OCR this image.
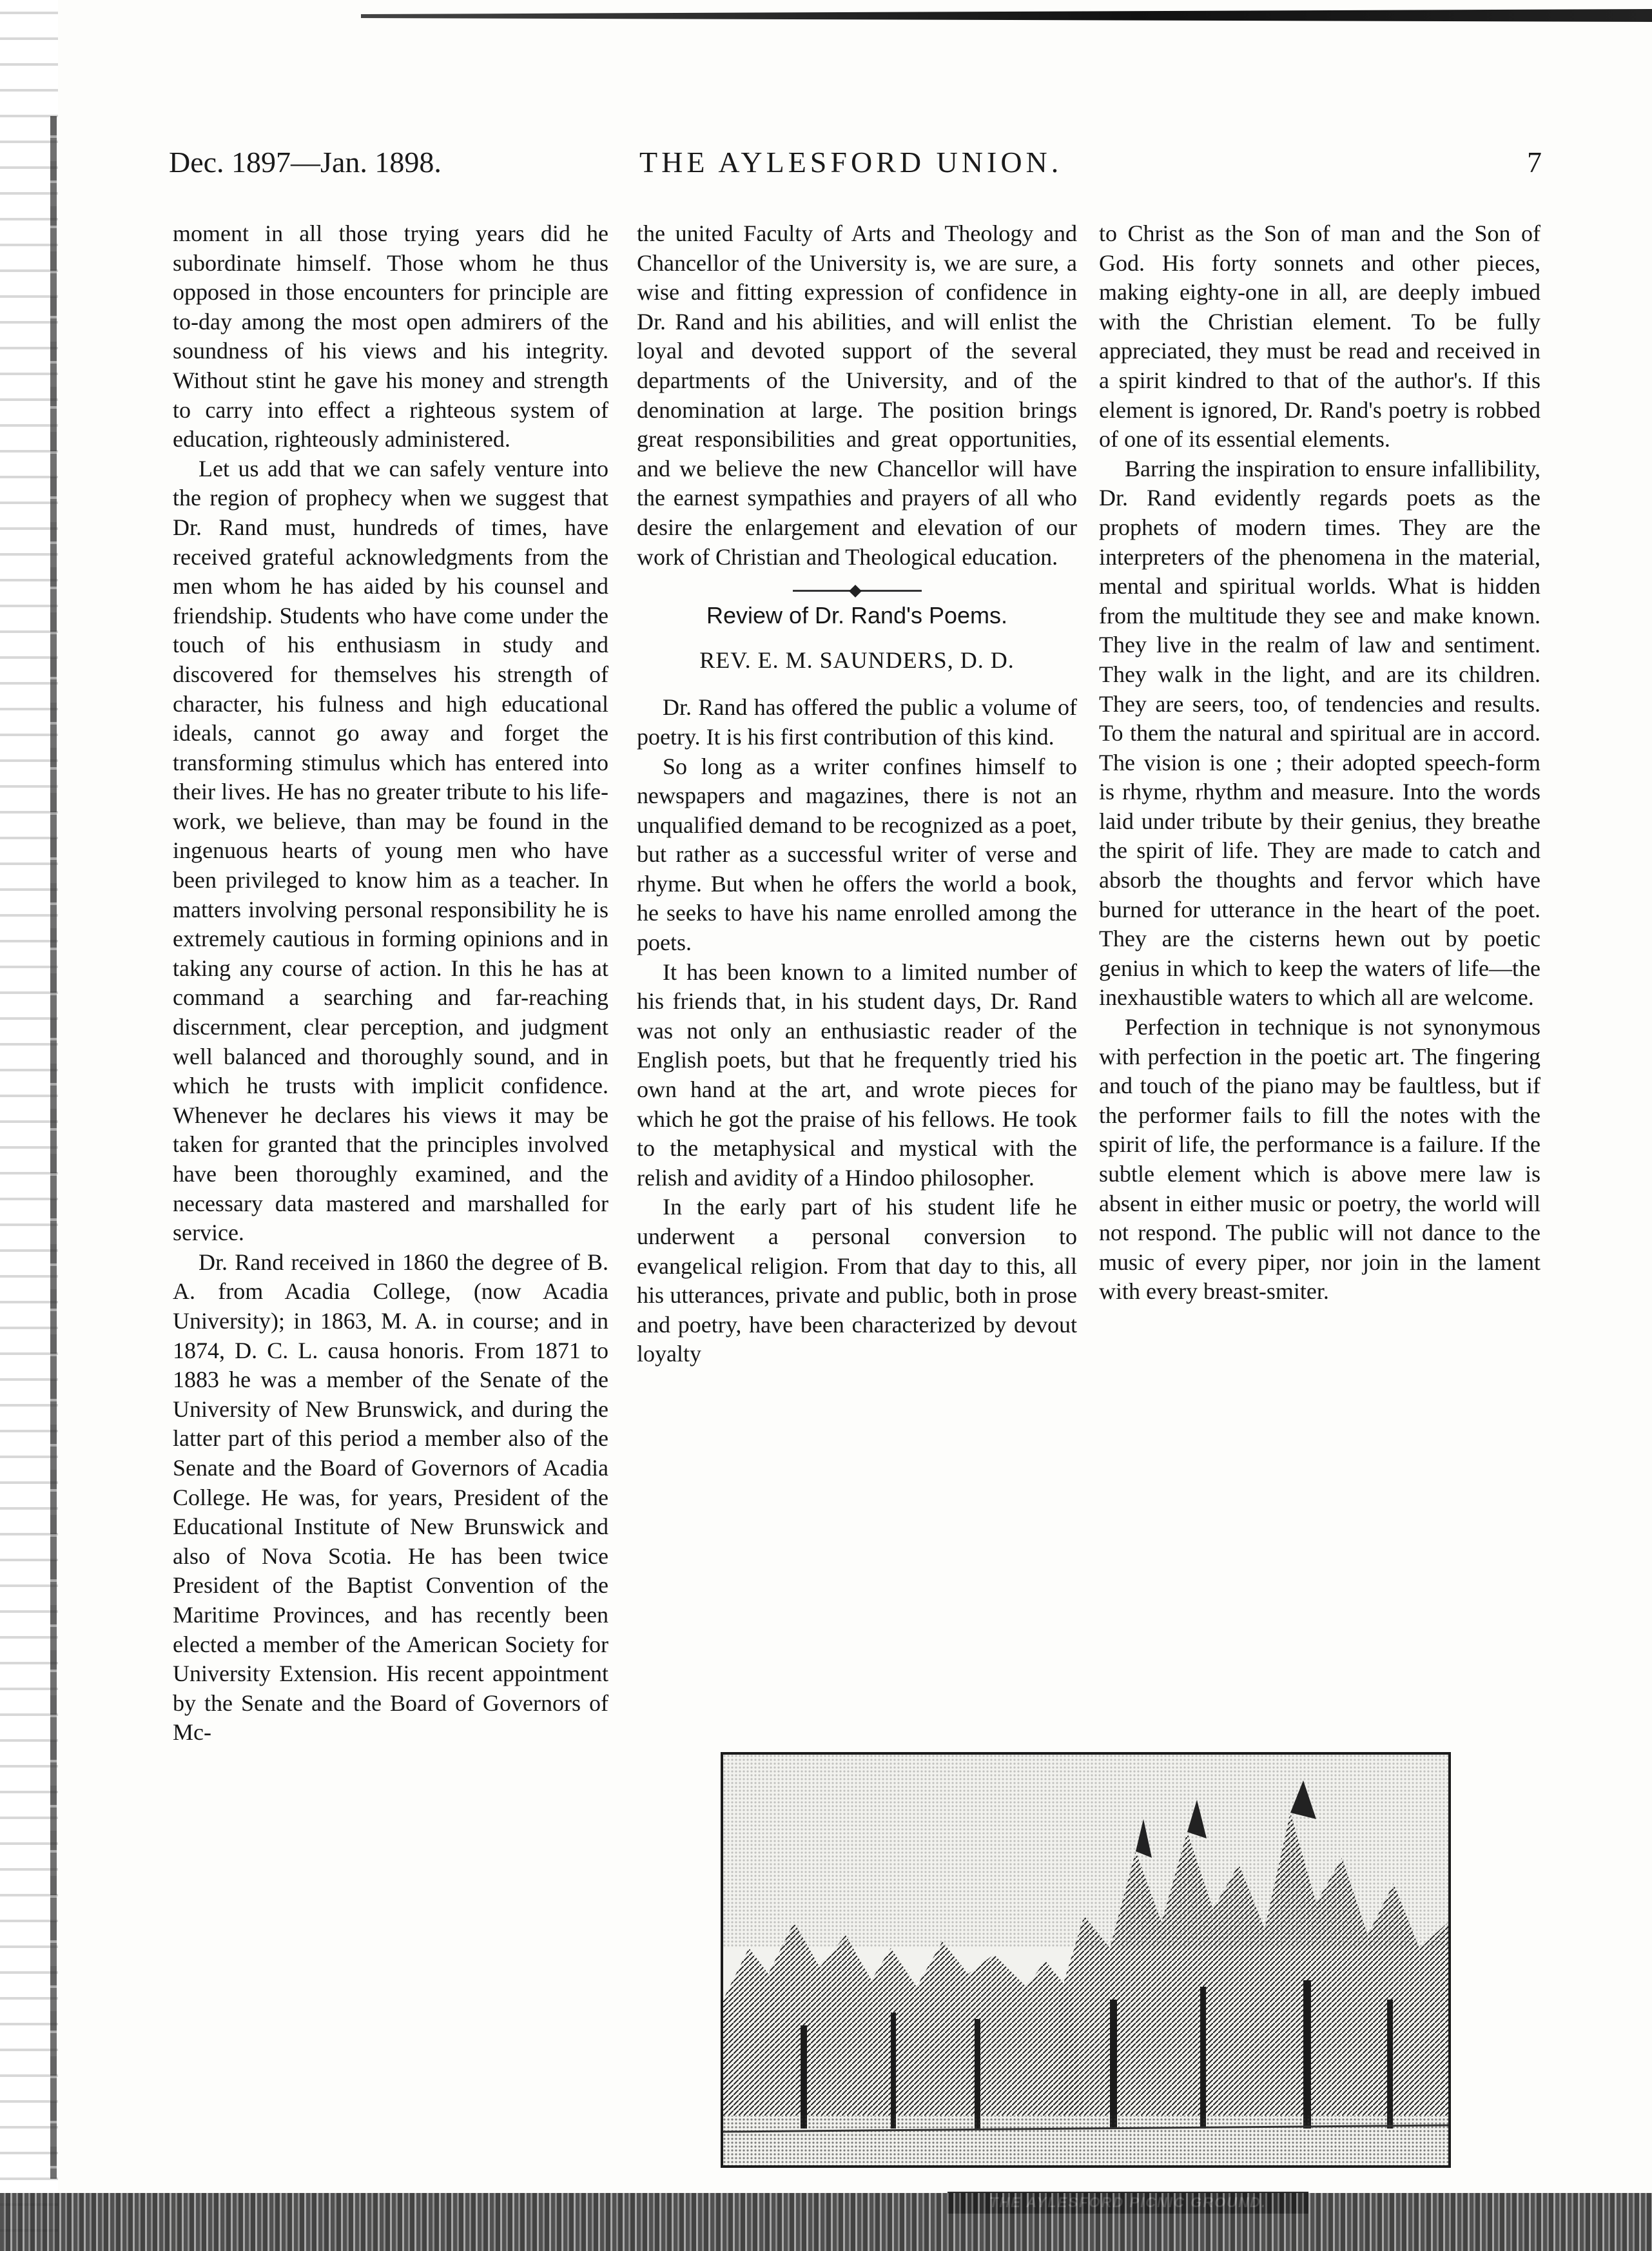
Dec. 1897—Jan. 1898.	THE AYLESFORD UNION.	7

moment in all those trying years did he subordinate himself. Those whom he thus opposed in those encounters for principle are to-day among the most open admirers of the soundness of his views and his integrity. Without stint he gave his money and strength to carry into effect a righteous system of education, righteously administered.

Let us add that we can safely venture into the region of prophecy when we suggest that Dr. Rand must, hundreds of times, have received grateful acknowledgments from the men whom he has aided by his counsel and friendship. Students who have come under the touch of his enthusiasm in study and discovered for themselves his strength of character, his fulness and high educational ideals, cannot go away and forget the transforming stimulus which has entered into their lives. He has no greater tribute to his life-work, we believe, than may be found in the ingenuous hearts of young men who have been privileged to know him as a teacher. In matters involving personal responsibility he is extremely cautious in forming opinions and in taking any course of action. In this he has at command a searching and far-reaching discernment, clear perception, and judgment well balanced and thoroughly sound, and in which he trusts with implicit confidence. Whenever he declares his views it may be taken for granted that the principles involved have been thoroughly examined, and the necessary data mastered and marshalled for service.

Dr. Rand received in 1860 the degree of B. A. from Acadia College, (now Acadia University); in 1863, M. A. in course; and in 1874, D. C. L. causa honoris. From 1871 to 1883 he was a member of the Senate of the University of New Brunswick, and during the latter part of this period a member also of the Senate and the Board of Governors of Acadia College. He was, for years, President of the Educational Institute of New Brunswick and also of Nova Scotia. He has been twice President of the Baptist Convention of the Maritime Provinces, and has recently been elected a member of the American Society for University Extension. His recent appointment by the Senate and the Board of Governors of Mc-

the united Faculty of Arts and Theology and Chancellor of the University is, we are sure, a wise and fitting expression of confidence in Dr. Rand and his abilities, and will enlist the loyal and devoted support of the several departments of the University, and of the denomination at large. The position brings great responsibilities and great opportunities, and we believe the new Chancellor will have the earnest sympathies and prayers of all who desire the enlargement and elevation of our work of Christian and Theological education.

Review of Dr. Rand's Poems.
REV. E. M. SAUNDERS, D. D.

Dr. Rand has offered the public a volume of poetry. It is his first contribution of this kind.

So long as a writer confines himself to newspapers and magazines, there is not an unqualified demand to be recognized as a poet, but rather as a successful writer of verse and rhyme. But when he offers the world a book, he seeks to have his name enrolled among the poets.

It has been known to a limited number of his friends that, in his student days, Dr. Rand was not only an enthusiastic reader of the English poets, but that he frequently tried his own hand at the art, and wrote pieces for which he got the praise of his fellows. He took to the metaphysical and mystical with the relish and avidity of a Hindoo philosopher.

In the early part of his student life he underwent a personal conversion to evangelical religion. From that day to this, all his utterances, private and public, both in prose and poetry, have been characterized by devout loyalty

to Christ as the Son of man and the Son of God. His forty sonnets and other pieces, making eighty-one in all, are deeply imbued with the Christian element. To be fully appreciated, they must be read and received in a spirit kindred to that of the author's. If this element is ignored, Dr. Rand's poetry is robbed of one of its essential elements.

Barring the inspiration to ensure infallibility, Dr. Rand evidently regards poets as the prophets of modern times. They are the interpreters of the phenomena in the material, mental and spiritual worlds. What is hidden from the multitude they see and make known. They live in the realm of law and sentiment. They walk in the light, and are its children. They are seers, too, of tendencies and results. To them the natural and spiritual are in accord. The vision is one ; their adopted speech-form is rhyme, rhythm and measure. Into the words laid under tribute by their genius, they breathe the spirit of life. They are made to catch and absorb the thoughts and fervor which have burned for utterance in the heart of the poet. They are the cisterns hewn out by poetic genius in which to keep the waters of life—the inexhaustible waters to which all are welcome.

Perfection in technique is not synonymous with perfection in the poetic art. The fingering and touch of the piano may be faultless, but if the performer fails to fill the notes with the spirit of life, the performance is a failure. If the subtle element which is above mere law is absent in either music or poetry, the world will not respond. The public will not dance to the music of every piper, nor join in the lament with every breast-smiter.
